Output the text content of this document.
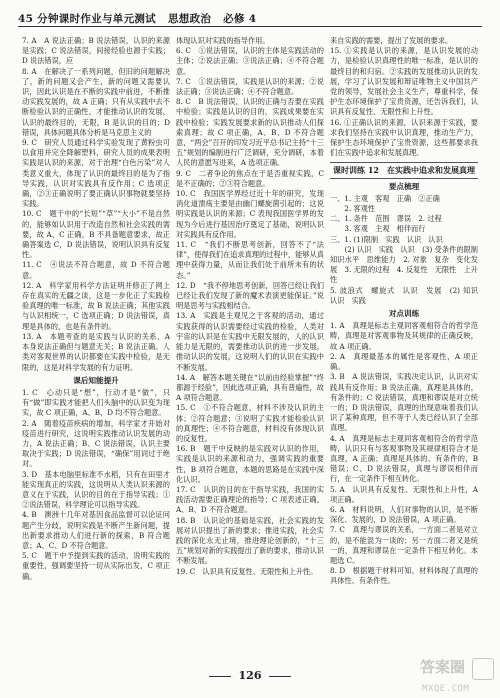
45 分钟课时作业与单元测试 思想政治 必修 4
7. A　A 说法正确；B 说法错误，认识的来源是实践；C 说法错误，间接经验也源于实践；D 说法错误，应
8. A　在解决了一系列问题，但旧的问题解决了，新的问题又会产生，新的问题又需要认识，因此认识是在不断的实践中前进，不断推动实践发展的，故 A 正确；只有从实践中去不断检验认识的正确性，才能推动认识的发展，认识的最终目的，无限，B 是认识的目的；D 错误，具体问题具体分析是马克思主义的
9. C　研究人员通过科学实验发现了黄粉虫可以食用并完全降解塑料，研究人员的成果表明实践是认识的来源，对于治理“白色污染”对人类意义重大，体现了认识的最终目的是为了指导实践，认识对实践具有反作用；C 选项正确，②③正确说明了要正确认识事物就要坚持实践。
10. C　题干中的“长短”“草”“大小”不是自然的，能够如认识用于改造自然和社会实践的需要，故 A、C 正确，B 不具备题意要求，故正确答案选 C，D 说法错误，说明认识具有反复性。
11. C　④说法不符合题意，故 D 不符合题意。
12. A　科学家用科学方法证明并修正了网上存在真实的无疆之谈，这是一步化正了实践检验真理的唯一标准，故 B 说法正确；其他实践与认识相统一，C 选项正确；D 说法错误，真理是具体的，也是有条件的。
13. A　本题考查的是实践与认识的关系，A 本身说法正确但与题意无关；B 说法正确。人类对客观世界的认识都要在实践中检验，是无限的，这是对科学发展的有力证明。
课后知能提升
1. C　心动只是“想”，行动才是“做”，只有“做”即实践才能把人们头脑中的认识变为现实，故 C 项正确，A、B、D 均不符合题意。
2. A　随着疫苗疾病的增加，科学家才开始对疫苗进行研究，这说明实践推动认识发展的动力，A 说法正确；B、C 说法错误，认识主要取决于实践；D 说法错误，“确保”用词过于绝对。
3. D　基本电脑里标准不水稻，只有在田里才能实现真正的实践，这说明从人类认识来源的意义在于实践，认识的目的在于指导实践；①②说法错误，科学理论可以指导实践。
4. B　澳洲十几年对基因食品监督可以论证问题产生分歧，说明实践是不断产生新问题，提出新要求推动人们进行新的探索，B 符合题意；A、C、D 不符合题意。
5. C　题干中予提到实践的活动，说明实践的重要性，强调要坚持一切从实际出发，C 项正确。
体现认识对实践的指导作用。
6. C　①说法错误，认识的主体是实践活动的主体；②说法正确；③说法正确；④不符合题意。
7. C　①说法错误，实践是认识的来源；②说法正确；③说法正确；④不符合题意。
8. C　B 说法错误，认识的正确与否要在实践中检验；实践是认识的目的，实践成果要在实践中检验；实践发展要求新的认识推动人们探索真理；故 C 项正确，A、B、D 不符合题意，“两会”召开的印发习近平总书记主持“十三五”规划的编制进行广泛调研，充分调研，本着人民的意愿写进来，A 选项正确。
9. C　二者争论的焦点在于是否重视实践，C 是不正确的；②③符合题意。
10. C　我国医学界经过近十年的研究，发现消化道溃疡主要是由幽门螺旋菌引起的；这说明实践是认识的来源；C 表现我国医学界的发现为今后进行基因治疗奠定了基础，说明认识对实践具有反作用。
11. C　“我们不断思考创新，回答不了“法律”，使得我们在追求真理的过程中，能够从真理中获得力量，从而让我们处于前所未有的状态。”
12. D　“我不停地思考创新，回答已经让我们已经让我们发现了新的魔术表演更能保证。”说明是思考与实践相结合。
13. A　实践是主观见之于客观的活动，通过实践获得的认识需要经过实践的检验，人类对宇宙的认识是在实践中无限发展的，人的认识能力是无限的，需要推动认识的进一步发展，推动认识的发展，这说明人们的认识在实践中不断发展。
14. A　解答本题关键在“以前由经验掌握”“终都源于经验”，因此选项正确，具有普遍性，故 A 项符合题意。
15. C　①不符合题意，材料不涉及认识的主体；②符合题意；③说明了实践才能检验认识的真理性；④不符合题意，材料没有体现认识的反复性。
16. B　题干中反映的是实践对认识的作用，实践是认识的来源和动力，强调实践的重要性，B 项符合题意，本题的思路是在实践中深化认识。
17. C　认识的目的在于指导实践，我国的实践活动需要正确理论的指导；C 项表述正确，A、B、D 不符合题意。
18. B　认识论的基础是实践，社会实践的发展对认识提出了新的要求；推进实践，社会实践的深化永无止境，推进理论创新的，“十三五”规划对新的实践提出了新的要求，推动认识不断发展。
19. C　认识具有反复性、无限性和上升性。
来自实践的需要，提出了发展的要求。
15. ①实践是认识的来源，是认识发展的动力，是检验认识真理性的唯一标准，是认识的最终目的和归宿。②实践的发展推动认识的发展，学习了认识发展和辩证唯物主义中国共产党的领导，发展社会主义生产，尊重科学，保护生态环境保护了宝贵资源，还告诉我们，认识具有反复性、无限性和上升性。
16. ①正确认识的来源，认识来源于实践，要求我们坚持在实践中认识真理，推动生产力，保护生态环境保护了宝贵资源，这些都要求我们在实践中追求和发展真理。
课时训练 12　在实践中追求和发展真理
要点梳理
一、1. 主观　客观　正确　②正确
　　2. 客观性
二、1. 条件　范围　谬误　2. 过程
　　3. 客观　主观　相伴而行
三、1. (1)限制　实践　认识　认识
　　(2) 认识　实践　认识　(3) 受条件的限制　知识水平　思维能力　2. 对象　复杂　变化发展　3. 无限的过程　4. 反复性　无限性　上升性
5. 波浪式　螺旋式　认识　发展　(2) 知识　认识　实践
对点训练
1. A　真理是标志主观同客观相符合的哲学范畴，真理是对客观事物及其规律的正确反映，故 A 项正确。
2. A　真理最基本的属性是客观性，A 项正确。
3. B　A 说法错误，实践决定认识，认识对实践具有反作用；B 说法正确，真理是具体的，有条件的；C 说法错误，真理和谬误是对立统一的；D 说法错误，真理的出现意味着我们认识了某种真理，但不等于人类已经认识了全部真理。
4. A　真理是标志主观同客观相符合的哲学范畴，认识只有与客观事物及其规律相符合才是真理，A 正确；真理是具体的、有条件的，B 错误；C、D 说法错误，真理与谬误相伴而行，在一定条件下相互转化。
5. A　认识具有反复性、无限性和上升性，A 项正确。
6. A　材料说明，人们对事物的认识，是不断深化、发展的，D 说法错误，A 项正确。
7. C　真理与谬误的关系，一方面二者是对立的，是不能混为一谈的；另一方面二者又是统一的，真理和谬误在一定条件下相互转化。本题选 C。
8. D　根据题干材料可知，材料体现了真理的具体性、有条件性。
126	答案圈
MXQE.COM
